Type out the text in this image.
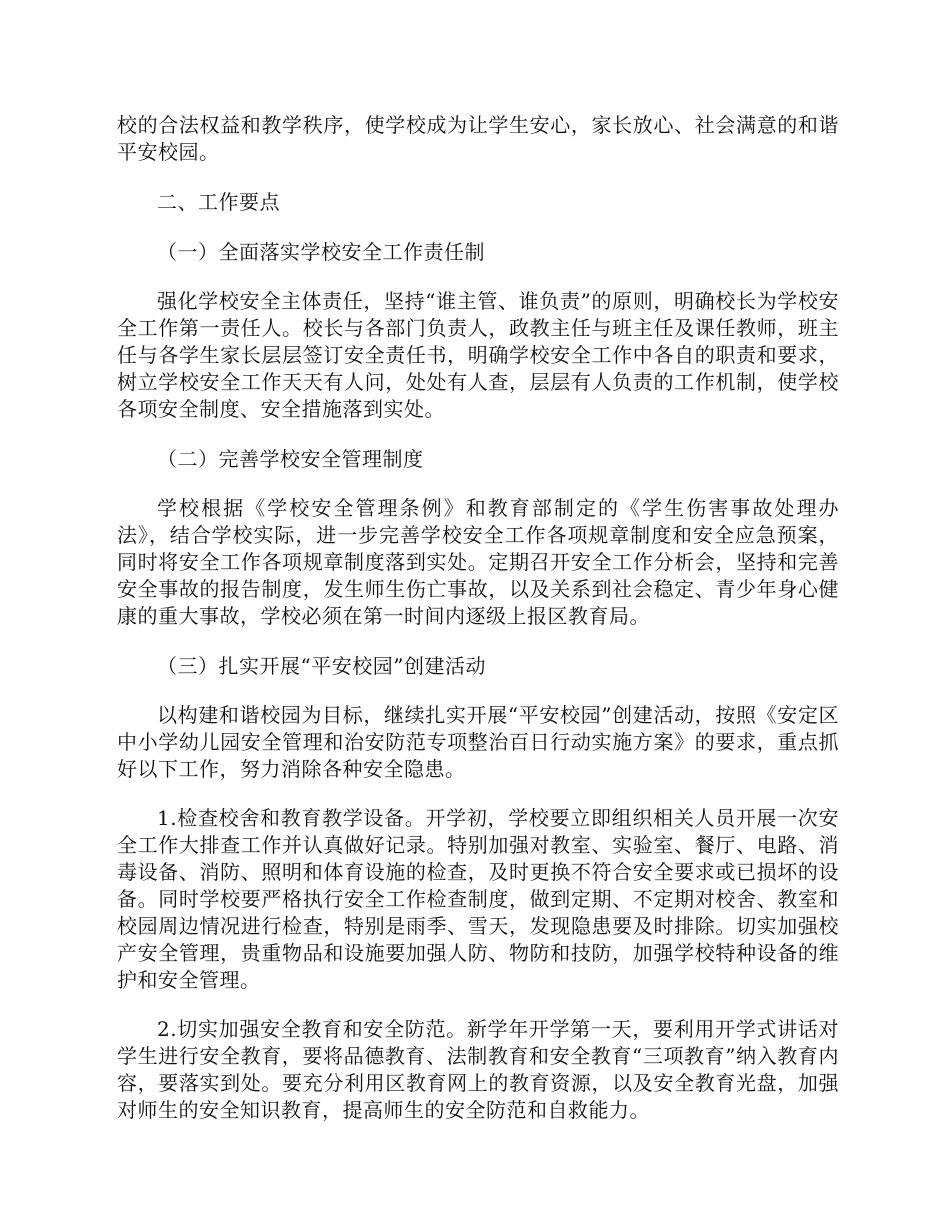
校的合法权益和教学秩序，使学校成为让学生安心，家长放心、社会满意的和谐平安校园。

二、工作要点

（一）全面落实学校安全工作责任制

强化学校安全主体责任，坚持“谁主管、谁负责”的原则，明确校长为学校安全工作第一责任人。校长与各部门负责人，政教主任与班主任及课任教师，班主任与各学生家长层层签订安全责任书，明确学校安全工作中各自的职责和要求，树立学校安全工作天天有人问，处处有人查，层层有人负责的工作机制，使学校各项安全制度、安全措施落到实处。

（二）完善学校安全管理制度

学校根据《学校安全管理条例》和教育部制定的《学生伤害事故处理办法》，结合学校实际，进一步完善学校安全工作各项规章制度和安全应急预案，同时将安全工作各项规章制度落到实处。定期召开安全工作分析会，坚持和完善安全事故的报告制度，发生师生伤亡事故，以及关系到社会稳定、青少年身心健康的重大事故，学校必须在第一时间内逐级上报区教育局。

（三）扎实开展“平安校园”创建活动

以构建和谐校园为目标，继续扎实开展“平安校园”创建活动，按照《安定区中小学幼儿园安全管理和治安防范专项整治百日行动实施方案》的要求，重点抓好以下工作，努力消除各种安全隐患。

1.检查校舍和教育教学设备。开学初，学校要立即组织相关人员开展一次安全工作大排查工作并认真做好记录。特别加强对教室、实验室、餐厅、电路、消毒设备、消防、照明和体育设施的检查，及时更换不符合安全要求或已损坏的设备。同时学校要严格执行安全工作检查制度，做到定期、不定期对校舍、教室和校园周边情况进行检查，特别是雨季、雪天，发现隐患要及时排除。切实加强校产安全管理，贵重物品和设施要加强人防、物防和技防，加强学校特种设备的维护和安全管理。

2.切实加强安全教育和安全防范。新学年开学第一天，要利用开学式讲话对学生进行安全教育，要将品德教育、法制教育和安全教育“三项教育”纳入教育内容，要落实到处。要充分利用区教育网上的教育资源，以及安全教育光盘，加强对师生的安全知识教育，提高师生的安全防范和自救能力。
